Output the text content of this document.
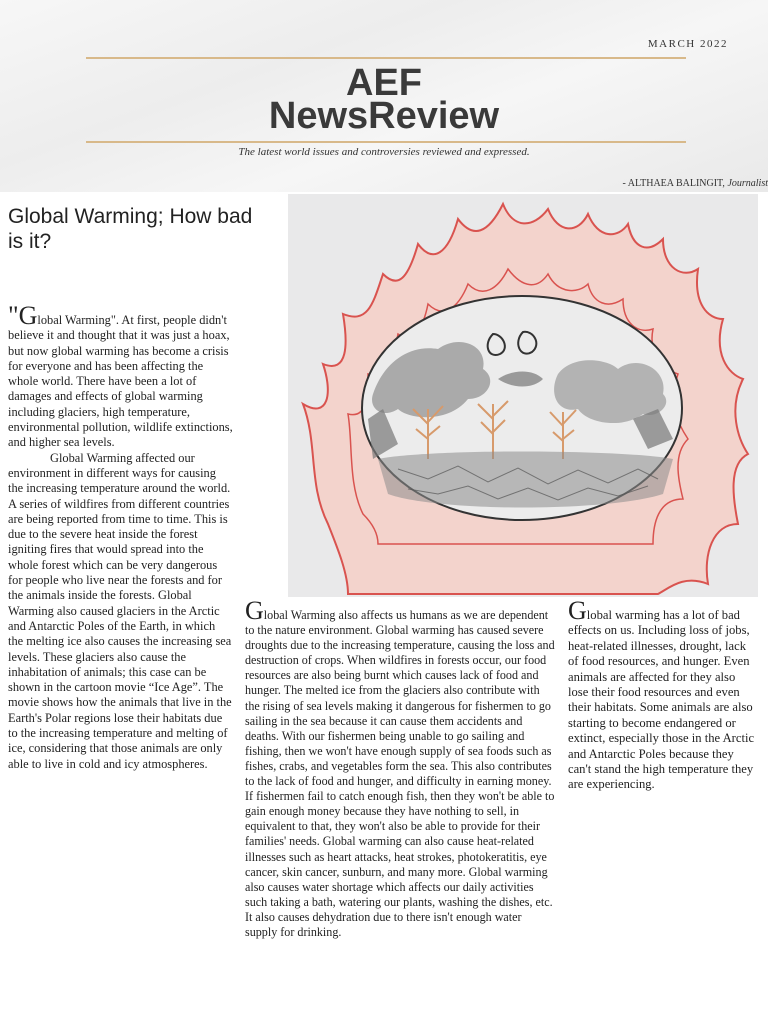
MARCH 2022
AEF
NewsReview
The latest world issues and controversies reviewed and expressed.
- ALTHAEA BALINGIT, Journalist
Global Warming; How bad is it?

"Global Warming". At first, people didn't believe it and thought that it was just a hoax, but now global warming has become a crisis for everyone and has been affecting the whole world. There have been a lot of damages and effects of global warming including glaciers, high temperature, environmental pollution, wildlife extinctions, and higher sea levels.

Global Warming affected our environment in different ways for causing the increasing temperature around the world. A series of wildfires from different countries are being reported from time to time. This is due to the severe heat inside the forest igniting fires that would spread into the whole forest which can be very dangerous for people who live near the forests and for the animals inside the forests. Global Warming also caused glaciers in the Arctic and Antarctic Poles of the Earth, in which the melting ice also causes the increasing sea levels. These glaciers also cause the inhabitation of animals; this case can be shown in the cartoon movie “Ice Age”. The movie shows how the animals that live in the Earth's Polar regions lose their habitats due to the increasing temperature and melting of ice, considering that those animals are only able to live in cold and icy atmospheres.

Global Warming also affects us humans as we are dependent to the nature environment. Global warming has caused severe droughts due to the increasing temperature, causing the loss and destruction of crops. When wildfires in forests occur, our food resources are also being burnt which causes lack of food and hunger. The melted ice from the glaciers also contribute with the rising of sea levels making it dangerous for fishermen to go sailing in the sea because it can cause them accidents and deaths. With our fishermen being unable to go sailing and fishing, then we won't have enough supply of sea foods such as fishes, crabs, and vegetables form the sea. This also contributes to the lack of food and hunger, and difficulty in earning money. If fishermen fail to catch enough fish, then they won't be able to gain enough money because they have nothing to sell, in equivalent to that, they won't also be able to provide for their families' needs. Global warming can also cause heat-related illnesses such as heart attacks, heat strokes, photokeratitis, eye cancer, skin cancer, sunburn, and many more. Global warming also causes water shortage which affects our daily activities such taking a bath, watering our plants, washing the dishes, etc. It also causes dehydration due to there isn't enough water supply for drinking.

Global warming has a lot of bad effects on us. Including loss of jobs, heat-related illnesses, drought, lack of food resources, and hunger. Even animals are affected for they also lose their food resources and even their habitats. Some animals are also starting to become endangered or extinct, especially those in the Arctic and Antarctic Poles because they can't stand the high temperature they are experiencing.
